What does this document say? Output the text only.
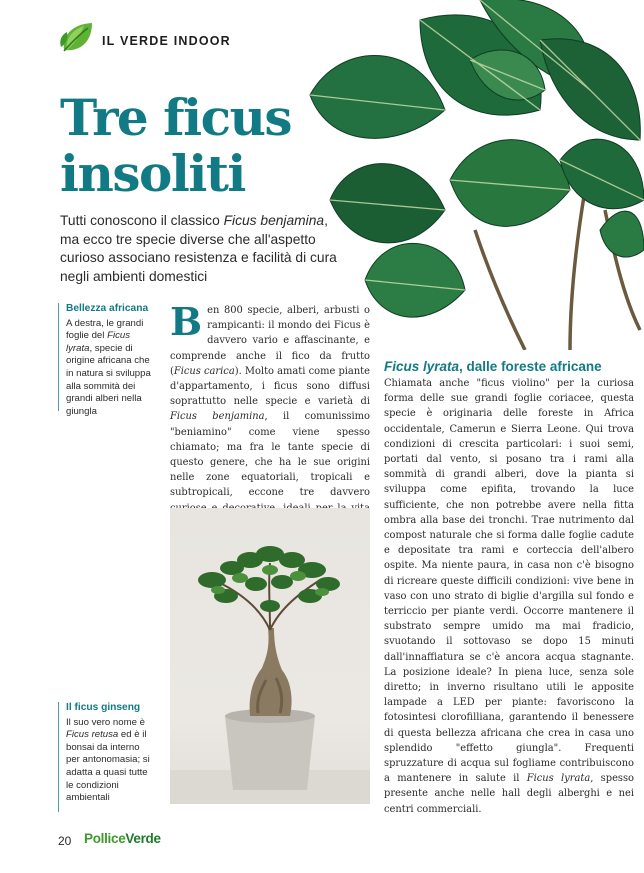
IL VERDE INDOOR
Tre ficus
insoliti

Tutti conoscono il classico Ficus benjamina, ma ecco tre specie diverse che all'aspetto curioso associano resistenza e facilità di cura negli ambienti domestici

Bellezza africana
A destra, le grandi foglie del Ficus lyrata, specie di origine africana che in natura si sviluppa alla sommità dei grandi alberi nella giungla
Il ficus ginseng
Il suo vero nome è Ficus retusa ed è il bonsai da interno per antonomasia; si adatta a quasi tutte le condizioni ambientali
Ben 800 specie, alberi, arbusti o rampicanti: il mondo dei Ficus è davvero vario e affascinante, e comprende anche il fico da frutto (Ficus carica). Molto amati come piante d'appartamento, i ficus sono diffusi soprattutto nelle specie e varietà di Ficus benjamina, il comunissimo "beniamino" come viene spesso chiamato; ma fra le tante specie di questo genere, che ha le sue origini nelle zone equatoriali, tropicali e subtropicali, eccone tre davvero
Ficus lyrata, dalle foreste africane
Chiamata anche "ficus violino" per la curiosa forma delle sue grandi foglie coriacee, questa specie è originaria delle foreste in Africa occidentale, Camerun e Sierra Leone. Qui trova condizioni di crescita particolari: i suoi semi, portati dal vento, si posano tra i rami alla sommità di grandi alberi, dove la pianta si sviluppa come epifita, trovando la luce sufficiente, che non potrebbe avere nella fitta ombra alla base dei tronchi. Trae nutrimento dal compost naturale che si forma dalle foglie cadute e depositate tra rami e corteccia dell'albero ospite. Ma niente paura, in casa non c'è bisogno di ricreare queste difficili condizioni: vive bene in vaso con uno strato di biglie d'argilla sul fondo e terriccio per piante verdi. Occorre mantenere il substrato sempre umido ma mai fradicio, svuotando il sottovaso se dopo 15 minuti dall'innaffiatura se c'è ancora acqua stagnante. La posizione ideale? In piena luce, senza sole diretto; in inverno risultano utili le apposite lampade a LED per piante: favoriscono la fotosintesi clorofilliana, garantendo il benessere di questa bellezza africana che crea in casa uno splendido "effetto giungla". Frequenti spruzzature di acqua sul fogliame contribuiscono a mantenere in salute il Ficus lyrata, spesso presente anche nelle hall degli alberghi e nei centri commerciali.
20 PolliceVerde
